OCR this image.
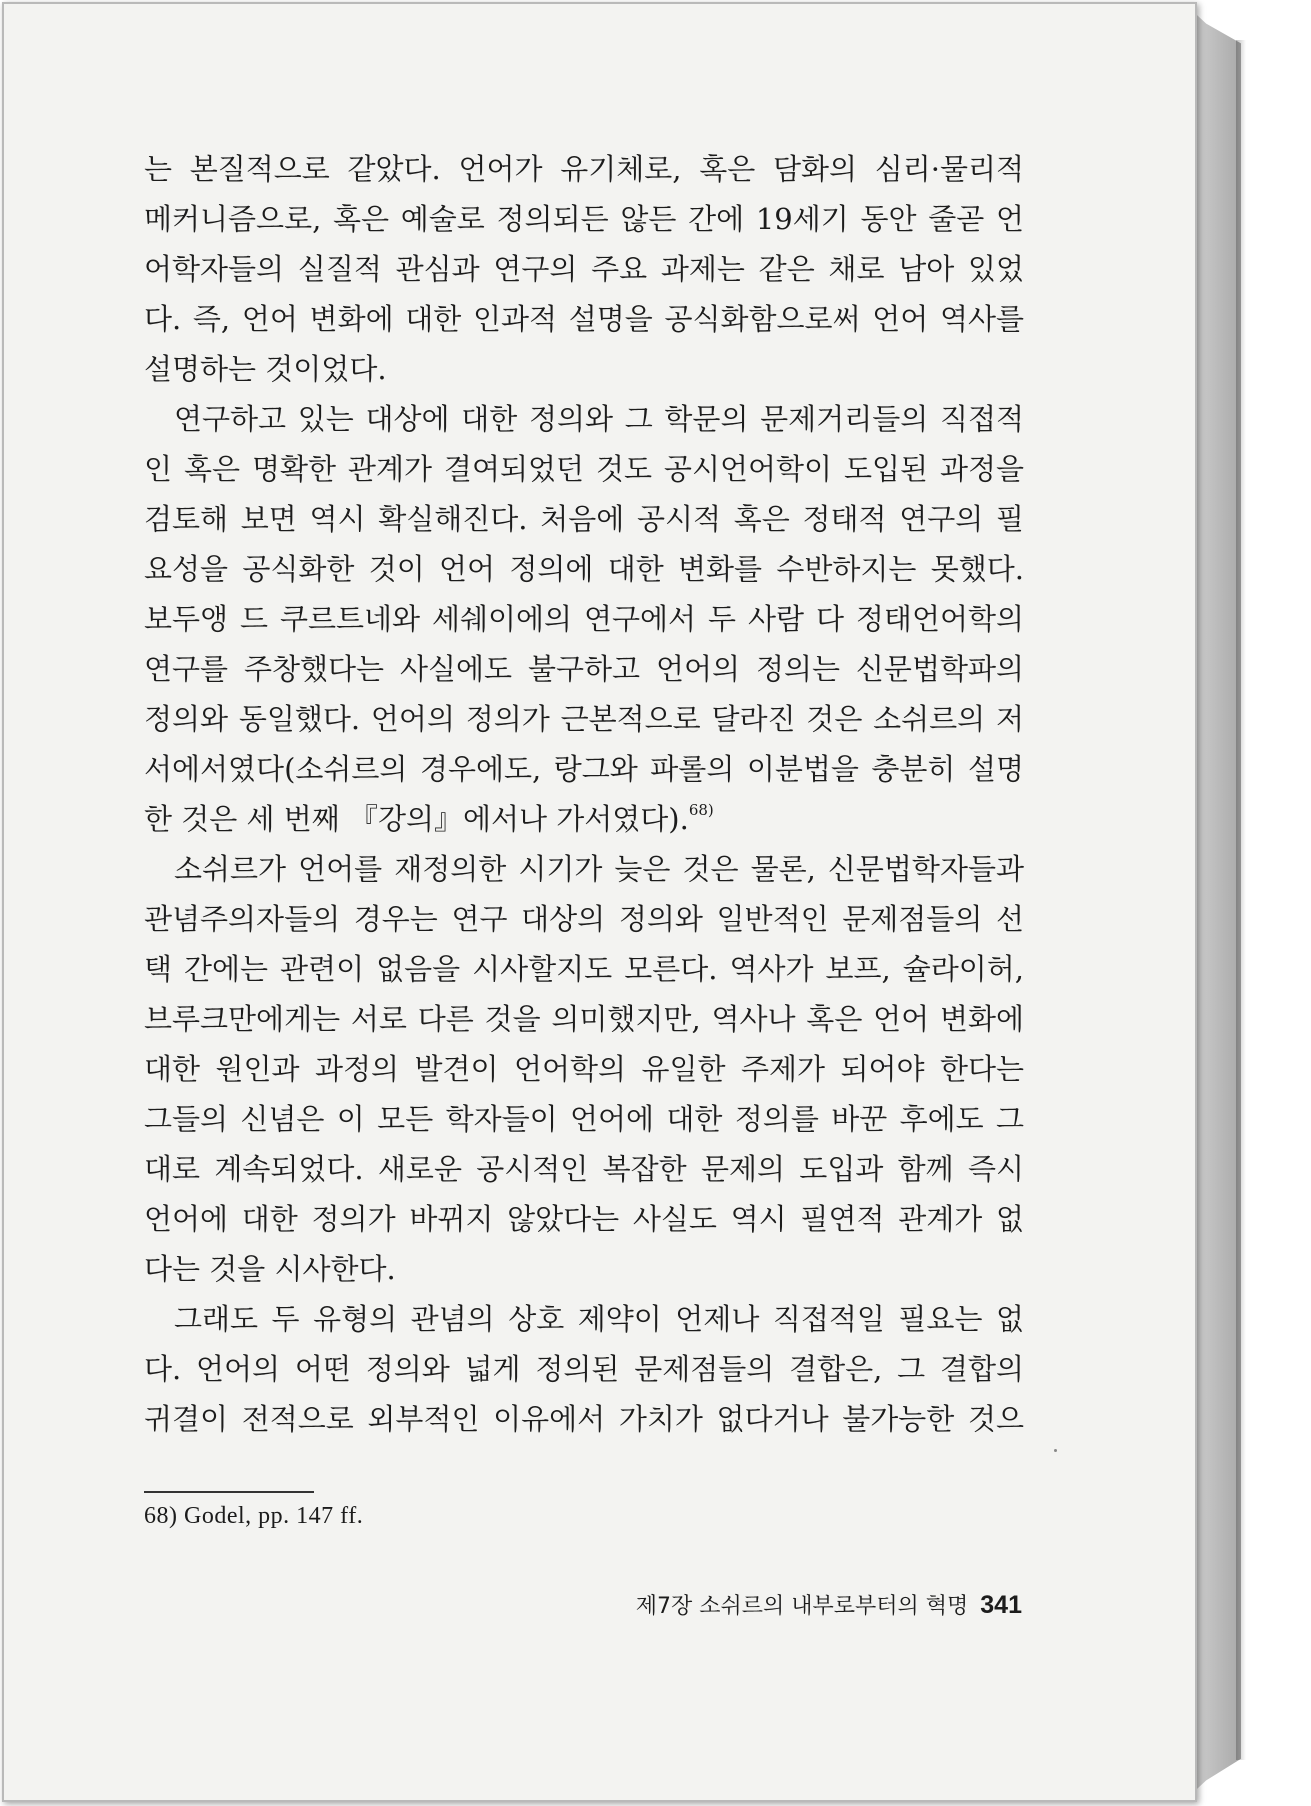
는 본질적으로 같았다. 언어가 유기체로, 혹은 담화의 심리·물리적
메커니즘으로, 혹은 예술로 정의되든 않든 간에 19세기 동안 줄곧 언
어학자들의 실질적 관심과 연구의 주요 과제는 같은 채로 남아 있었
다. 즉, 언어 변화에 대한 인과적 설명을 공식화함으로써 언어 역사를
설명하는 것이었다.
연구하고 있는 대상에 대한 정의와 그 학문의 문제거리들의 직접적
인 혹은 명확한 관계가 결여되었던 것도 공시언어학이 도입된 과정을
검토해 보면 역시 확실해진다. 처음에 공시적 혹은 정태적 연구의 필
요성을 공식화한 것이 언어 정의에 대한 변화를 수반하지는 못했다.
보두앵 드 쿠르트네와 세쉐이에의 연구에서 두 사람 다 정태언어학의
연구를 주창했다는 사실에도 불구하고 언어의 정의는 신문법학파의
정의와 동일했다. 언어의 정의가 근본적으로 달라진 것은 소쉬르의 저
서에서였다(소쉬르의 경우에도, 랑그와 파롤의 이분법을 충분히 설명
한 것은 세 번째 『강의』에서나 가서였다).$^{68)}$
소쉬르가 언어를 재정의한 시기가 늦은 것은 물론, 신문법학자들과
관념주의자들의 경우는 연구 대상의 정의와 일반적인 문제점들의 선
택 간에는 관련이 없음을 시사할지도 모른다. 역사가 보프, 슐라이허,
브루크만에게는 서로 다른 것을 의미했지만, 역사나 혹은 언어 변화에
대한 원인과 과정의 발견이 언어학의 유일한 주제가 되어야 한다는
그들의 신념은 이 모든 학자들이 언어에 대한 정의를 바꾼 후에도 그
대로 계속되었다. 새로운 공시적인 복잡한 문제의 도입과 함께 즉시
언어에 대한 정의가 바뀌지 않았다는 사실도 역시 필연적 관계가 없
다는 것을 시사한다.
그래도 두 유형의 관념의 상호 제약이 언제나 직접적일 필요는 없
다. 언어의 어떤 정의와 넓게 정의된 문제점들의 결합은, 그 결합의
귀결이 전적으로 외부적인 이유에서 가치가 없다거나 불가능한 것으
68) Godel, pp. 147 ff.
제7장 소쉬르의 내부로부터의 혁명 341
